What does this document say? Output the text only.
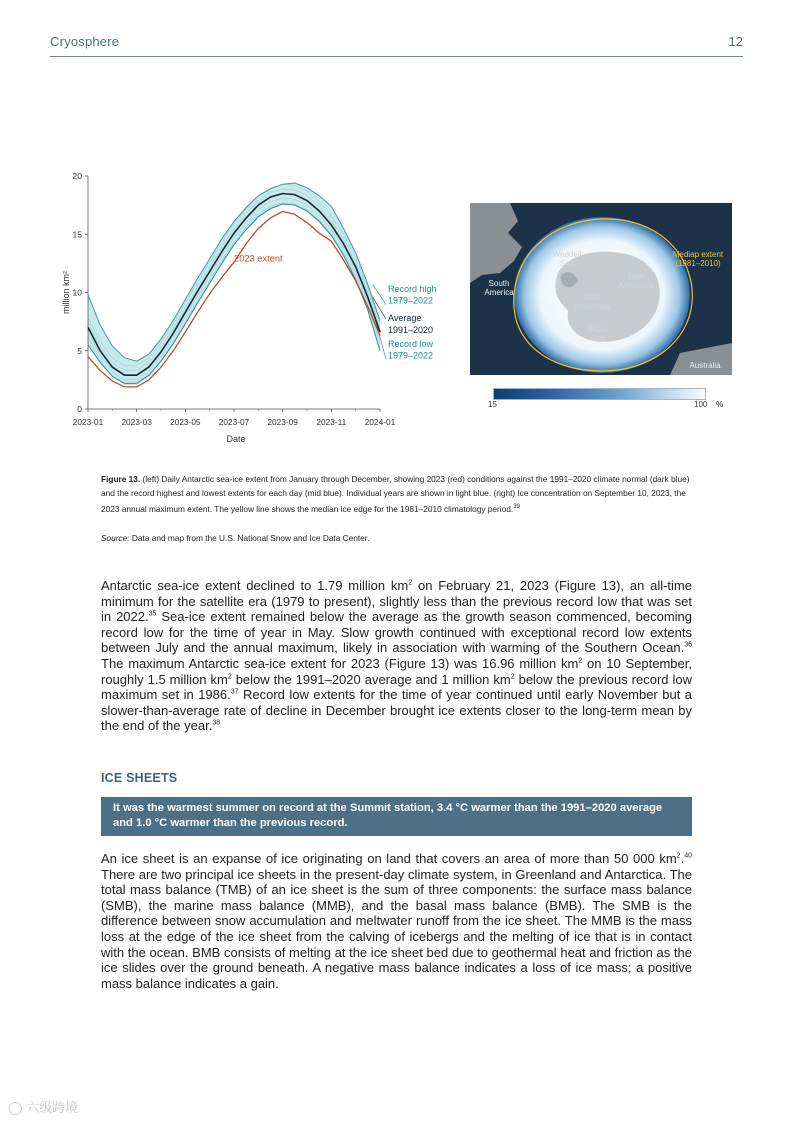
Cryosphere	12
0
5
10
15
20
2023-01 2023-03 2023-05 2023-07 2023-09 2023-11 2024-01
Date
million km²
2023 extent
Record high
1979–2022
Average
1991–2020
Record low
1979–2022
Weddell
Sea
South
America
East
Antarctica
West
Antarctica
Ross
Sea
Australia
Mediap extent
(1981–2010)
15	100 %
Figure 13. (left) Daily Antarctic sea-ice extent from January through December, showing 2023 (red) conditions against the 1991–2020 climate normal (dark blue) and the record highest and lowest extents for each day (mid blue). Individual years are shown in light blue. (right) Ice concentration on September 10, 2023, the 2023 annual maximum extent. The yellow line shows the median ice edge for the 1981–2010 climatology period.$^{39}$
Source: Data and map from the U.S. National Snow and Ice Data Center.
Antarctic sea-ice extent declined to 1.79 million $km^2$ on February 21, 2023 (Figure 13), an all-time minimum for the satellite era (1979 to present), slightly less than the previous record low that was set in 2022.35 Sea-ice extent remained below the average as the growth season commenced, becoming record low for the time of year in May. Slow growth continued with exceptional record low extents between July and the annual maximum, likely in association with warming of the Southern Ocean.$^{36}$ The maximum Antarctic sea-ice extent for 2023 (Figure 13) was 16.96 million $km^2$ on 10 September, roughly 1.5 million $km^2$ below the 1991–2020 average and 1 million $km^2$ below the previous record low maximum set in 1986.37 Record low extents for the time of year continued until early November but a slower-than-average rate of decline in December brought ice extents closer to the long-term mean by the end of the year.$^{38}$
ICE SHEETS
It was the warmest summer on record at the Summit station, 3.4 °C warmer than the 1991–2020 average and 1.0 °C warmer than the previous record.
An ice sheet is an expanse of ice originating on land that covers an area of more than 50 000 $km^2.^{40}$ There are two principal ice sheets in the present-day climate system, in Greenland and Antarctica. The total mass balance (TMB) of an ice sheet is the sum of three components: the surface mass balance (SMB), the marine mass balance (MMB), and the basal mass balance (BMB). The SMB is the difference between snow accumulation and meltwater runoff from the ice sheet. The MMB is the mass loss at the edge of the ice sheet from the calving of icebergs and the melting of ice that is in contact with the ocean. BMB consists of melting at the ice sheet bed due to geothermal heat and friction as the ice slides over the ground beneath. A negative mass balance indicates a loss of ice mass; a positive mass balance indicates a gain.
◯ 六级跨境
